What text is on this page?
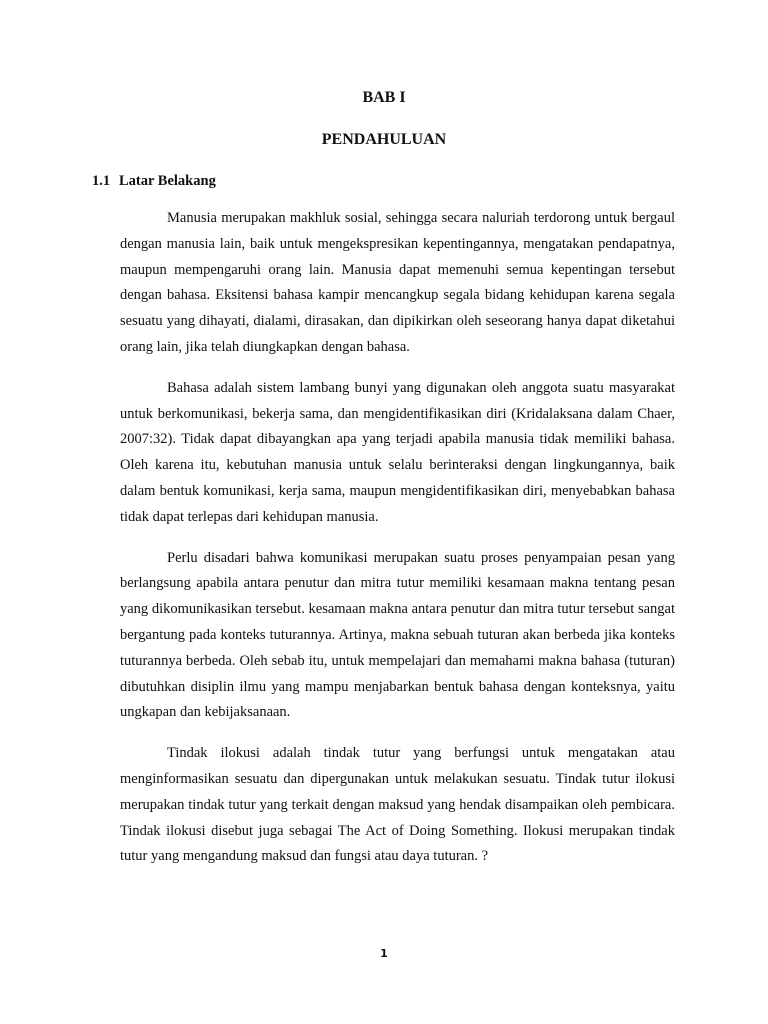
BAB I
PENDAHULUAN
1.1 Latar Belakang

Manusia merupakan makhluk sosial, sehingga secara naluriah terdorong untuk bergaul dengan manusia lain, baik untuk mengekspresikan kepentingannya, mengatakan pendapatnya, maupun mempengaruhi orang lain. Manusia dapat memenuhi semua kepentingan tersebut dengan bahasa. Eksitensi bahasa kampir mencangkup segala bidang kehidupan karena segala sesuatu yang dihayati, dialami, dirasakan, dan dipikirkan oleh seseorang hanya dapat diketahui orang lain, jika telah diungkapkan dengan bahasa.

Bahasa adalah sistem lambang bunyi yang digunakan oleh anggota suatu masyarakat untuk berkomunikasi, bekerja sama, dan mengidentifikasikan diri (Kridalaksana dalam Chaer, 2007:32). Tidak dapat dibayangkan apa yang terjadi apabila manusia tidak memiliki bahasa. Oleh karena itu, kebutuhan manusia untuk selalu berinteraksi dengan lingkungannya, baik dalam bentuk komunikasi, kerja sama, maupun mengidentifikasikan diri, menyebabkan bahasa tidak dapat terlepas dari kehidupan manusia.

Perlu disadari bahwa komunikasi merupakan suatu proses penyampaian pesan yang berlangsung apabila antara penutur dan mitra tutur memiliki kesamaan makna tentang pesan yang dikomunikasikan tersebut. kesamaan makna antara penutur dan mitra tutur tersebut sangat bergantung pada konteks tuturannya. Artinya, makna sebuah tuturan akan berbeda jika konteks tuturannya berbeda. Oleh sebab itu, untuk mempelajari dan memahami makna bahasa (tuturan) dibutuhkan disiplin ilmu yang mampu menjabarkan bentuk bahasa dengan konteksnya, yaitu ungkapan dan kebijaksanaan.

Tindak ilokusi adalah tindak tutur yang berfungsi untuk mengatakan atau menginformasikan sesuatu dan dipergunakan untuk melakukan sesuatu. Tindak tutur ilokusi merupakan tindak tutur yang terkait dengan maksud yang hendak disampaikan oleh pembicara. Tindak ilokusi disebut juga sebagai The Act of Doing Something. Ilokusi merupakan tindak tutur yang mengandung maksud dan fungsi atau daya tuturan. ?

1
